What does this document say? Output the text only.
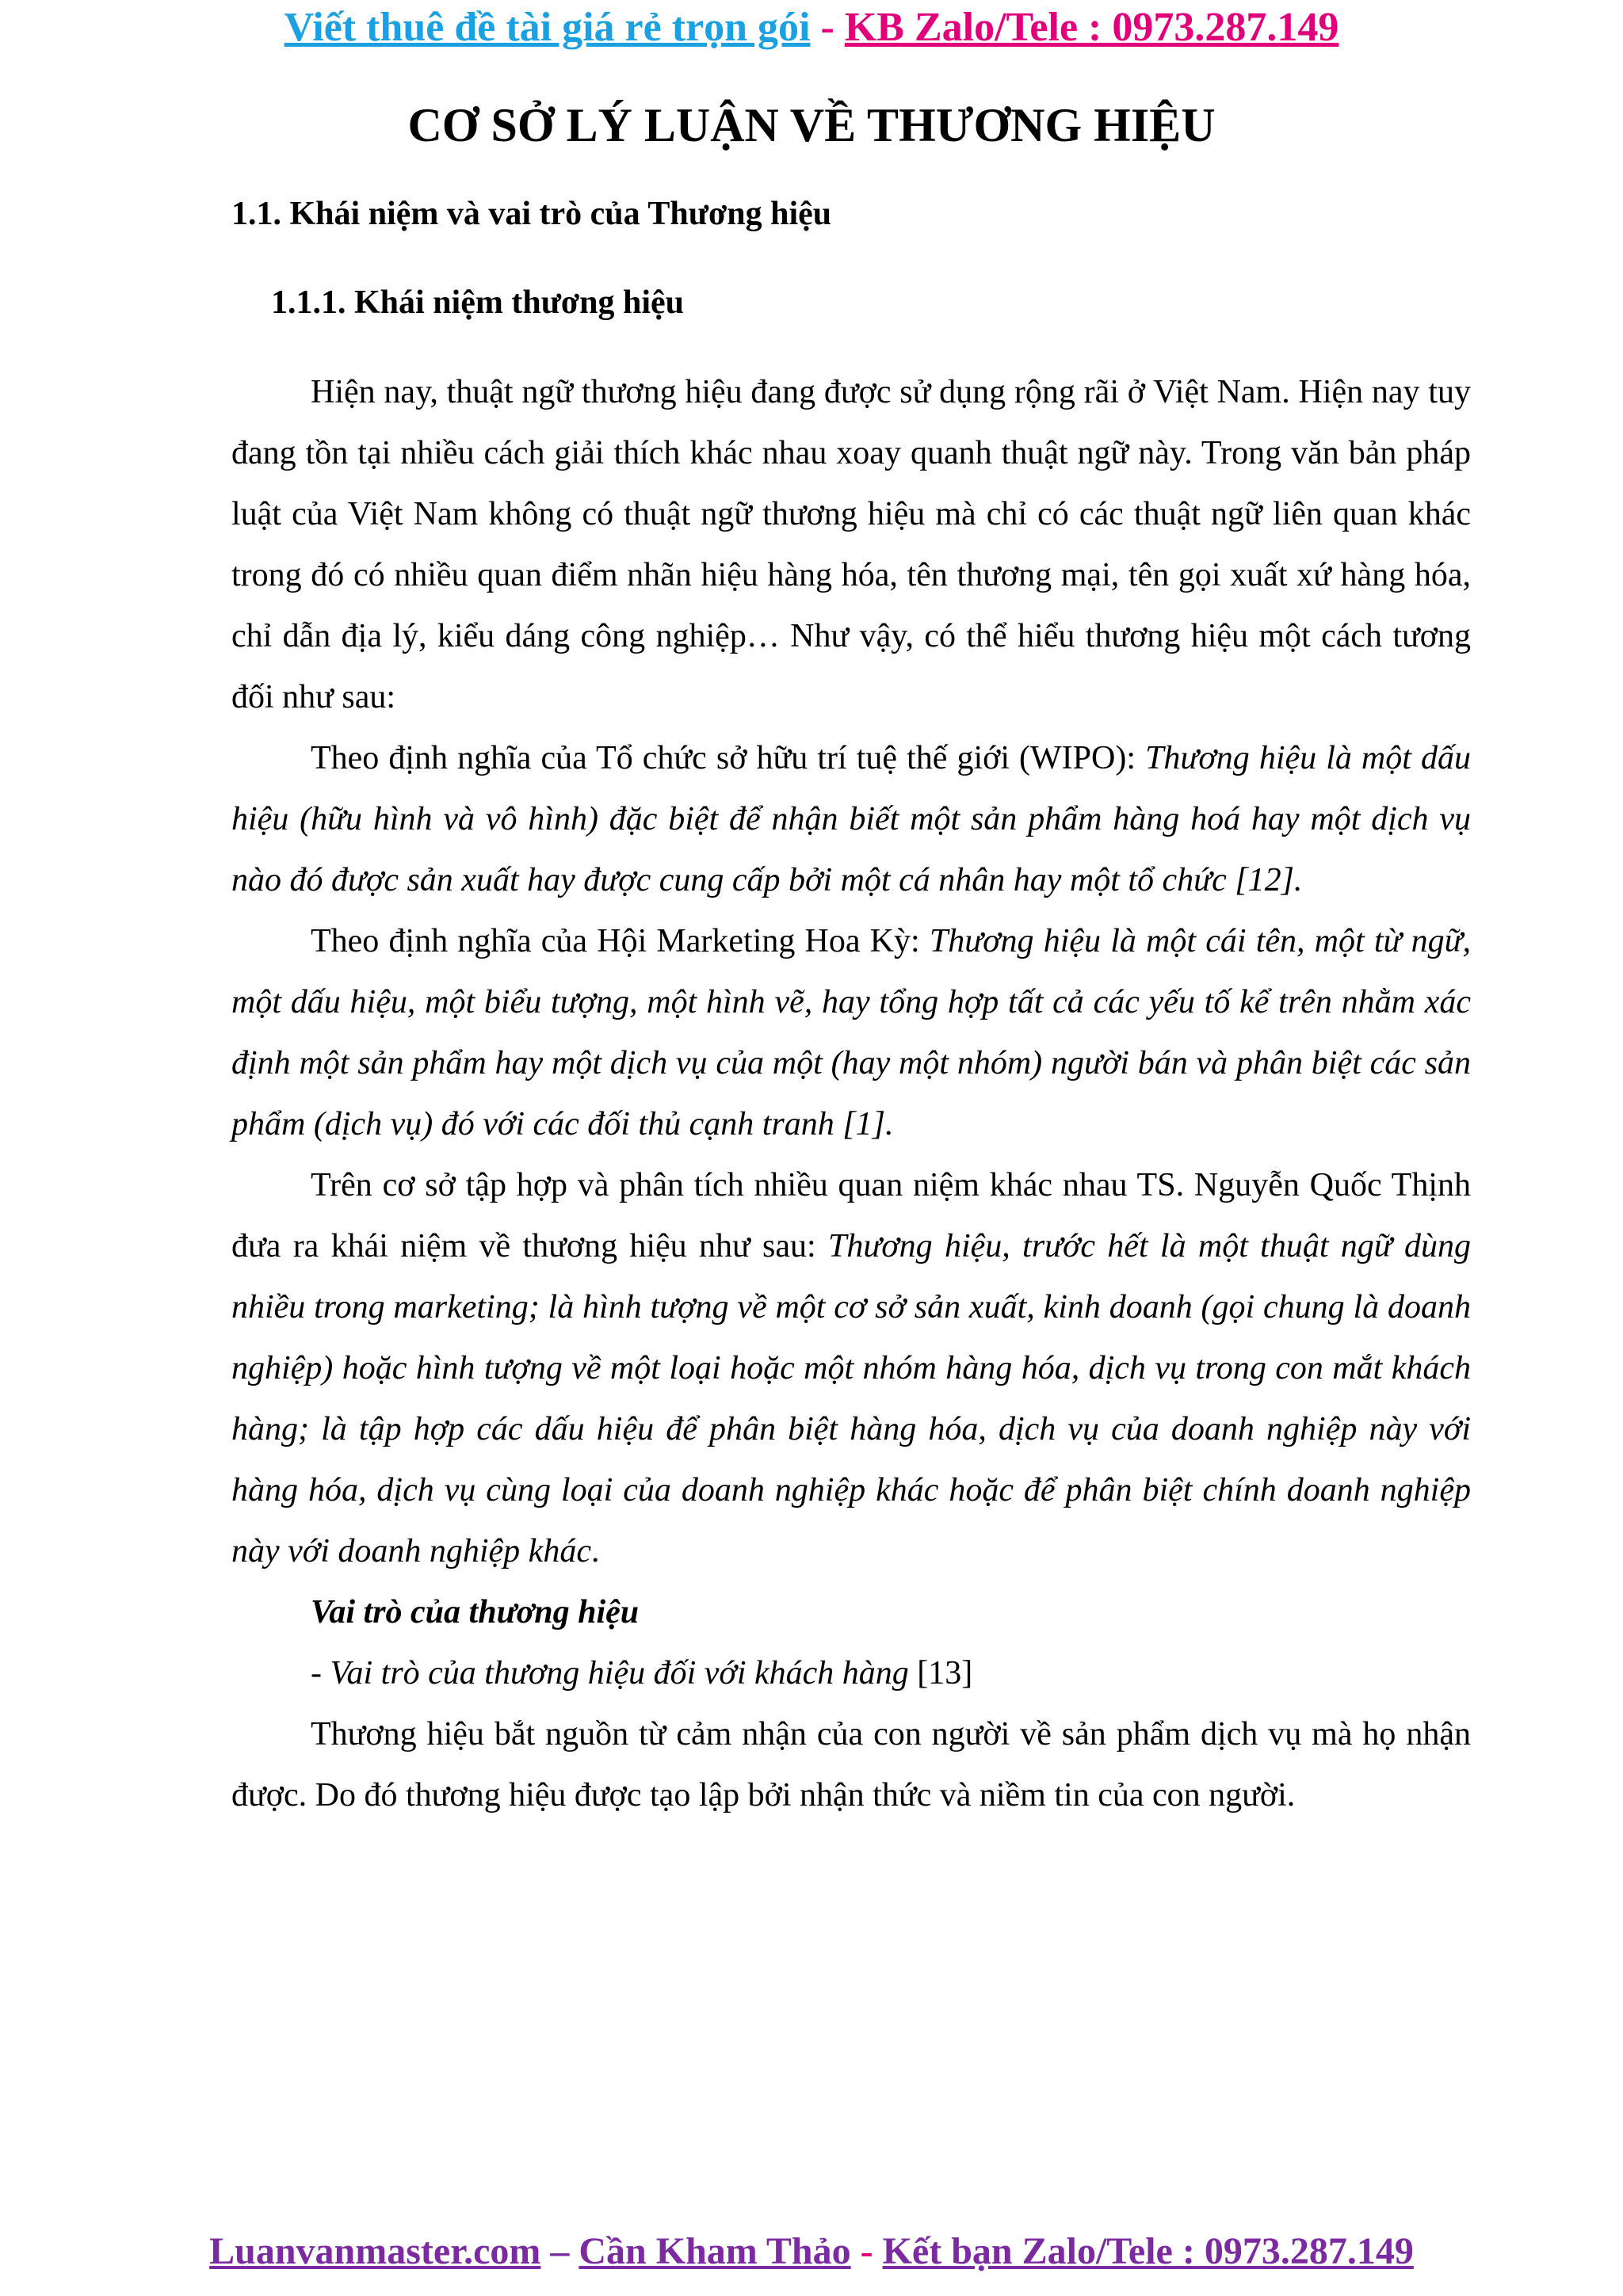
Viết thuê đề tài giá rẻ trọn gói - KB Zalo/Tele : 0973.287.149
CƠ SỞ LÝ LUẬN VỀ THƯƠNG HIỆU
1.1. Khái niệm và vai trò của Thương hiệu
1.1.1. Khái niệm thương hiệu

Hiện nay, thuật ngữ thương hiệu đang được sử dụng rộng rãi ở Việt Nam. Hiện nay tuy đang tồn tại nhiều cách giải thích khác nhau xoay quanh thuật ngữ này. Trong văn bản pháp luật của Việt Nam không có thuật ngữ thương hiệu mà chỉ có các thuật ngữ liên quan khác trong đó có nhiều quan điểm nhãn hiệu hàng hóa, tên thương mại, tên gọi xuất xứ hàng hóa, chỉ dẫn địa lý, kiểu dáng công nghiệp… Như vậy, có thể hiểu thương hiệu một cách tương đối như sau:

Theo định nghĩa của Tổ chức sở hữu trí tuệ thế giới (WIPO): Thương hiệu là một dấu hiệu (hữu hình và vô hình) đặc biệt để nhận biết một sản phẩm hàng hoá hay một dịch vụ nào đó được sản xuất hay được cung cấp bởi một cá nhân hay một tổ chức [12].

Theo định nghĩa của Hội Marketing Hoa Kỳ: Thương hiệu là một cái tên, một từ ngữ, một dấu hiệu, một biểu tượng, một hình vẽ, hay tổng hợp tất cả các yếu tố kể trên nhằm xác định một sản phẩm hay một dịch vụ của một (hay một nhóm) người bán và phân biệt các sản phẩm (dịch vụ) đó với các đối thủ cạnh tranh [1].

Trên cơ sở tập hợp và phân tích nhiều quan niệm khác nhau TS. Nguyễn Quốc Thịnh đưa ra khái niệm về thương hiệu như sau: Thương hiệu, trước hết là một thuật ngữ dùng nhiều trong marketing; là hình tượng về một cơ sở sản xuất, kinh doanh (gọi chung là doanh nghiệp) hoặc hình tượng về một loại hoặc một nhóm hàng hóa, dịch vụ trong con mắt khách hàng; là tập hợp các dấu hiệu để phân biệt hàng hóa, dịch vụ của doanh nghiệp này với hàng hóa, dịch vụ cùng loại của doanh nghiệp khác hoặc để phân biệt chính doanh nghiệp này với doanh nghiệp khác.

Vai trò của thương hiệu
- Vai trò của thương hiệu đối với khách hàng [13]

Thương hiệu bắt nguồn từ cảm nhận của con người về sản phẩm dịch vụ mà họ nhận được. Do đó thương hiệu được tạo lập bởi nhận thức và niềm tin của con người.

Luanvanmaster.com – Cần Kham Thảo - Kết bạn Zalo/Tele : 0973.287.149
